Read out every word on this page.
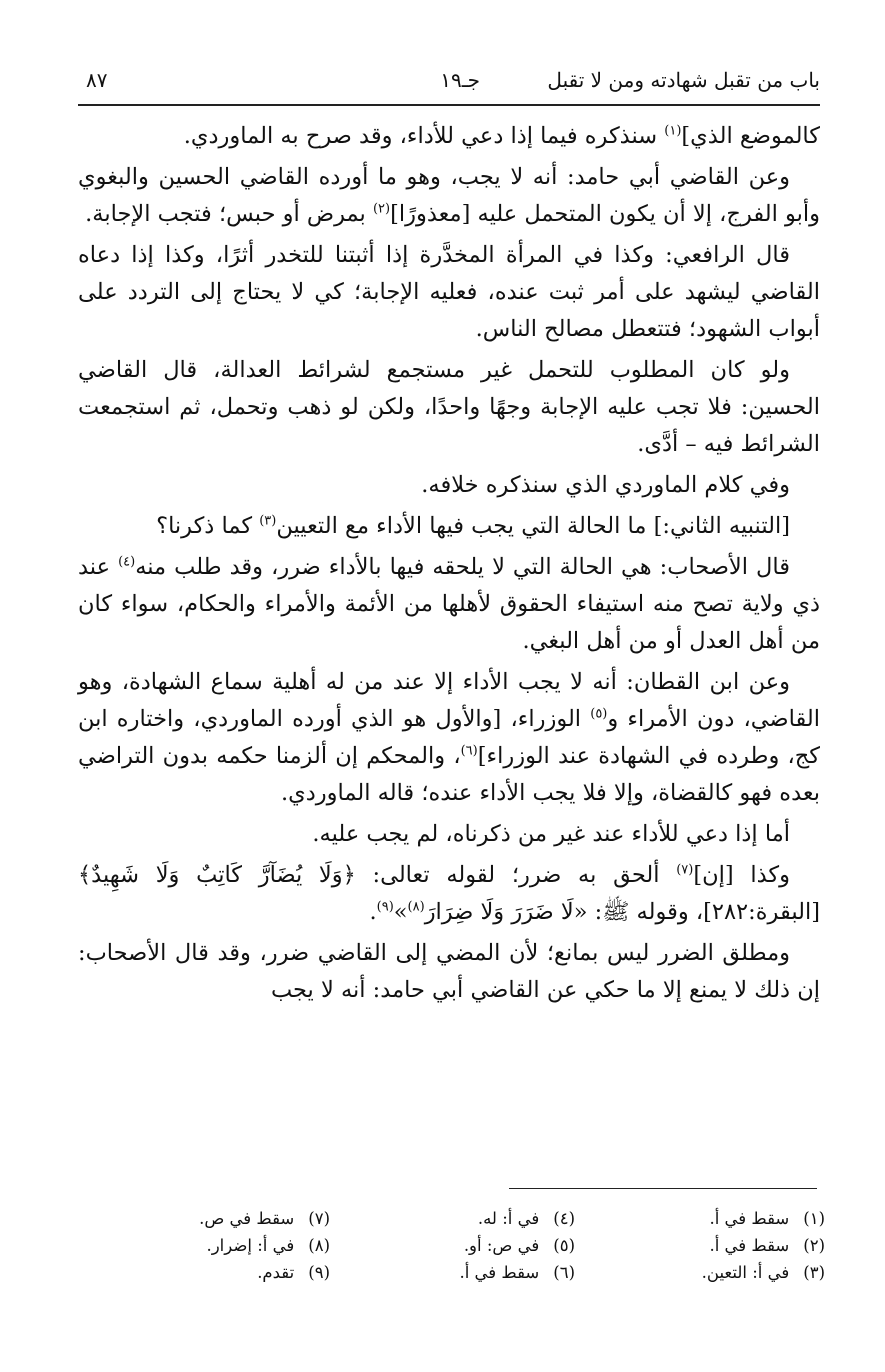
باب من تقبل شهادته ومن لا تقبل
جـ١٩
٨٧

كالموضع الذي]$^{(١)}$ سنذكره فيما إذا دعي للأداء، وقد صرح به الماوردي.

وعن القاضي أبي حامد: أنه لا يجب، وهو ما أورده القاضي الحسين والبغوي وأبو الفرج، إلا أن يكون المتحمل عليه [معذورًا]$^{(٢)}$ بمرض أو حبس؛ فتجب الإجابة.

قال الرافعي: وكذا في المرأة المخدَّرة إذا أثبتنا للتخدر أثرًا، وكذا إذا دعاه القاضي ليشهد على أمر ثبت عنده، فعليه الإجابة؛ كي لا يحتاج إلى التردد على أبواب الشهود؛ فتتعطل مصالح الناس.

ولو كان المطلوب للتحمل غير مستجمع لشرائط العدالة، قال القاضي الحسين: فلا تجب عليه الإجابة وجهًا واحدًا، ولكن لو ذهب وتحمل، ثم استجمعت الشرائط فيه – أدَّى.

وفي كلام الماوردي الذي سنذكره خلافه.

[التنبيه الثاني:] ما الحالة التي يجب فيها الأداء مع التعيين$^{(٣)}$ كما ذكرنا؟

قال الأصحاب: هي الحالة التي لا يلحقه فيها بالأداء ضرر، وقد طلب منه$^{(٤)}$ عند ذي ولاية تصح منه استيفاء الحقوق لأهلها من الأئمة والأمراء والحكام، سواء كان من أهل العدل أو من أهل البغي.

وعن ابن القطان: أنه لا يجب الأداء إلا عند من له أهلية سماع الشهادة، وهو القاضي، دون الأمراء و$^{(٥)}$ الوزراء، [والأول هو الذي أورده الماوردي، واختاره ابن كج، وطرده في الشهادة عند الوزراء]$^{(٦)}$، والمحكم إن ألزمنا حكمه بدون التراضي بعده فهو كالقضاة، وإلا فلا يجب الأداء عنده؛ قاله الماوردي.

أما إذا دعي للأداء عند غير من ذكرناه، لم يجب عليه.

وكذا [إن]$^{(٧)}$ ألحق به ضرر؛ لقوله تعالى: ﴿وَلَا يُضَآرَّ كَاتِبٌ وَلَا شَهِيدٌ﴾ [البقرة:٢٨٢]، وقوله ﷺ: «لَا ضَرَرَ وَلَا ضِرَارَ$^{(٨)}$»$^{(٩)}$.

ومطلق الضرر ليس بمانع؛ لأن المضي إلى القاضي ضرر، وقد قال الأصحاب: إن ذلك لا يمنع إلا ما حكي عن القاضي أبي حامد: أنه لا يجب

(١)سقط في أ.
(٤)في أ: له.
(٧)سقط في ص.
(٢)سقط في أ.
(٥)في ص: أو.
(٨)في أ: إضرار.
(٣)في أ: التعين.
(٦)سقط في أ.
(٩)تقدم.
